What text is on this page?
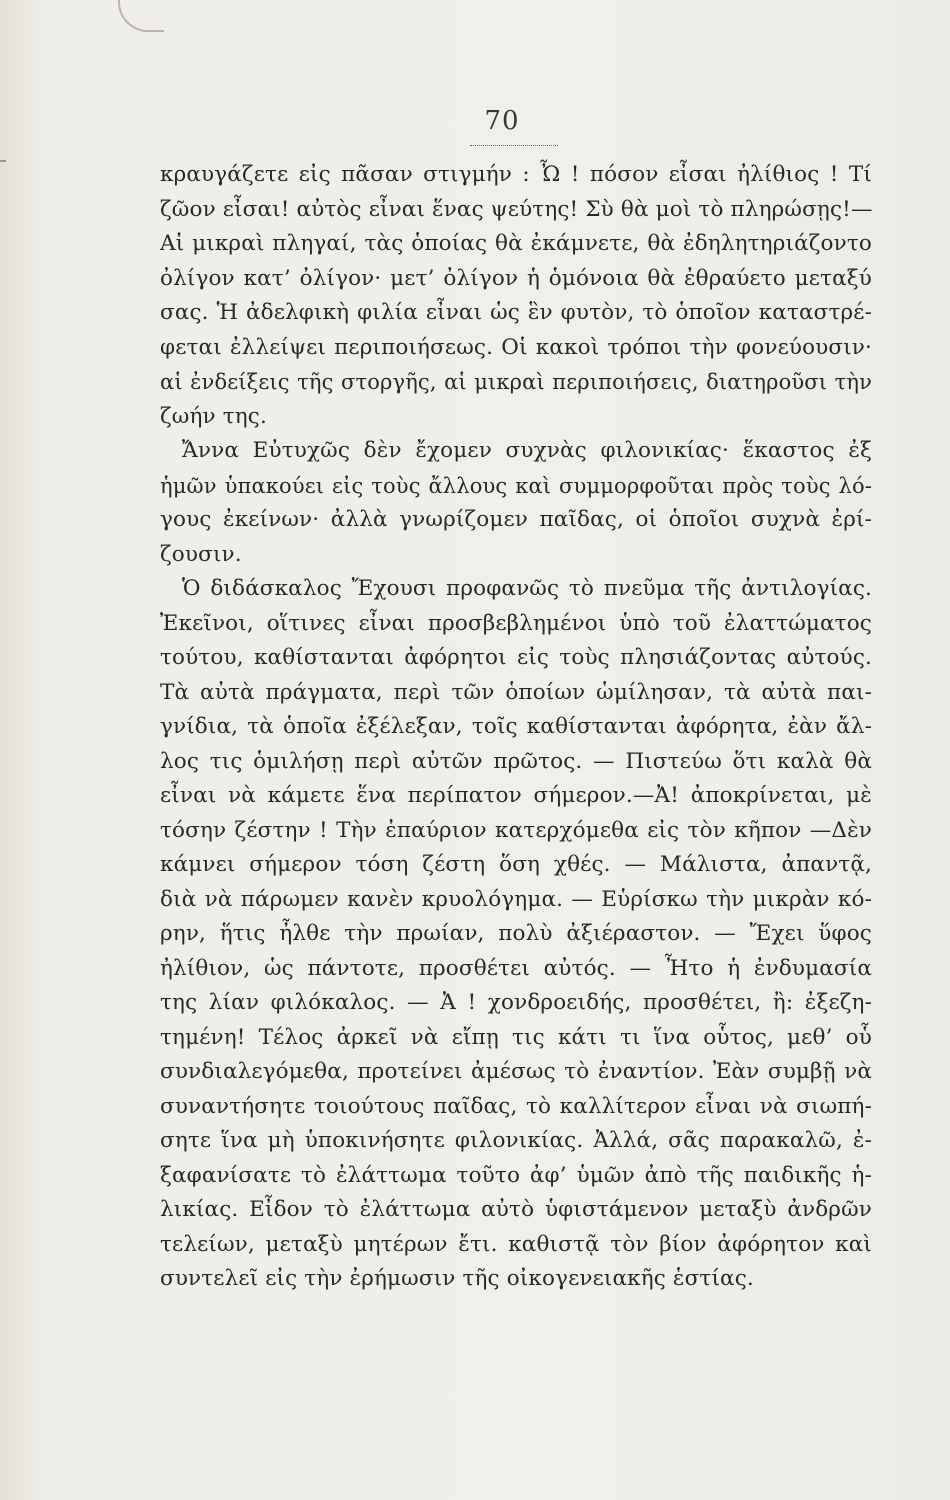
70
κραυγάζετε εἰς πᾶσαν στιγμήν : Ὦ ! πόσον εἶσαι ἠλίθιος ! Τί
ζῶον εἶσαι! αὐτὸς εἶναι ἕνας ψεύτης! Σὺ θὰ μοὶ τὸ πληρώσῃς!—
Αἱ μικραὶ πληγαί, τὰς ὁποίας θὰ ἐκάμνετε, θὰ ἐδηλητηριάζοντο
ὀλίγον κατ’ ὀλίγον· μετ’ ὀλίγον ἡ ὁμόνοια θὰ ἐθραύετο μεταξύ
σας. Ἡ ἀδελφικὴ φιλία εἶναι ὡς ἓν φυτὸν, τὸ ὁποῖον καταστρέ-
φεται ἐλλείψει περιποιήσεως. Οἱ κακοὶ τρόποι τὴν φονεύουσιν·
αἱ ἐνδείξεις τῆς στοργῆς, αἱ μικραὶ περιποιήσεις, διατηροῦσι τὴν
ζωήν της.
Ἄννα Εὐτυχῶς δὲν ἔχομεν συχνὰς φιλονικίας· ἕκαστος ἐξ
ἡμῶν ὑπακούει εἰς τοὺς ἄλλους καὶ συμμορφοῦται πρὸς τοὺς λό-
γους ἐκείνων· ἀλλὰ γνωρίζομεν παῖδας, οἱ ὁποῖοι συχνὰ ἐρί-
ζουσιν.
Ὁ διδάσκαλος Ἔχουσι προφανῶς τὸ πνεῦμα τῆς ἀντιλογίας.
Ἐκεῖνοι, οἵτινες εἶναι προσβεβλημένοι ὑπὸ τοῦ ἐλαττώματος
τούτου, καθίστανται ἀφόρητοι εἰς τοὺς πλησιάζοντας αὐτούς.
Τὰ αὐτὰ πράγματα, περὶ τῶν ὁποίων ὡμίλησαν, τὰ αὐτὰ παι-
γνίδια, τὰ ὁποῖα ἐξέλεξαν, τοῖς καθίστανται ἀφόρητα, ἐὰν ἄλ-
λος τις ὁμιλήσῃ περὶ αὐτῶν πρῶτος. — Πιστεύω ὅτι καλὰ θὰ
εἶναι νὰ κάμετε ἕνα περίπατον σήμερον.—Ἀ! ἀποκρίνεται, μὲ
τόσην ζέστην ! Τὴν ἐπαύριον κατερχόμεθα εἰς τὸν κῆπον —Δὲν
κάμνει σήμερον τόση ζέστη ὅση χθές. — Μάλιστα, ἀπαντᾷ,
διὰ νὰ πάρωμεν κανὲν κρυολόγημα. — Εὑρίσκω τὴν μικρὰν κό-
ρην, ἥτις ἦλθε τὴν πρωίαν, πολὺ ἀξιέραστον. — Ἔχει ὕφος
ἠλίθιον, ὡς πάντοτε, προσθέτει αὐτός. — Ἦτο ἡ ἐνδυμασία
της λίαν φιλόκαλος. — Ἀ ! χονδροειδής, προσθέτει, ἢ: ἐξεζη-
τημένη! Τέλος ἀρκεῖ νὰ εἴπῃ τις κάτι τι ἵνα οὗτος, μεθ’ οὗ
συνδιαλεγόμεθα, προτείνει ἀμέσως τὸ ἐναντίον. Ἐὰν συμβῇ νὰ
συναντήσητε τοιούτους παῖδας, τὸ καλλίτερον εἶναι νὰ σιωπή-
σητε ἵνα μὴ ὑποκινήσητε φιλονικίας. Ἀλλά, σᾶς παρακαλῶ, ἐ-
ξαφανίσατε τὸ ἐλάττωμα τοῦτο ἀφ’ ὑμῶν ἀπὸ τῆς παιδικῆς ἡ-
λικίας. Εἶδον τὸ ἐλάττωμα αὐτὸ ὑφιστάμενον μεταξὺ ἀνδρῶν
τελείων, μεταξὺ μητέρων ἔτι. καθιστᾷ τὸν βίον ἀφόρητον καὶ
συντελεῖ εἰς τὴν ἐρήμωσιν τῆς οἰκογενειακῆς ἑστίας.
